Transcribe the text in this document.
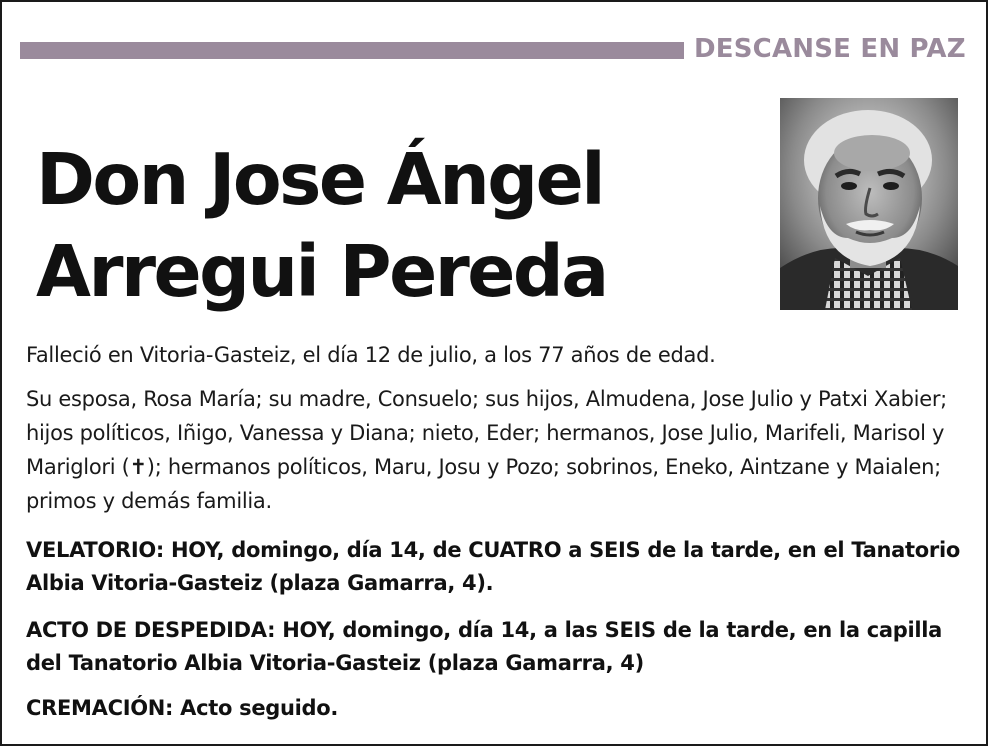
DESCANSE EN PAZ
Don Jose Ángel
Arregui Pereda
Falleció en Vitoria-Gasteiz, el día 12 de julio, a los 77 años de edad.
Su esposa, Rosa María; su madre, Consuelo; sus hijos, Almudena, Jose Julio y Patxi Xabier; hijos políticos, Iñigo, Vanessa y Diana; nieto, Eder; hermanos, Jose Julio, Marifeli, Marisol y Mariglori (✝); hermanos políticos, Maru, Josu y Pozo; sobrinos, Eneko, Aintzane y Maialen; primos y demás familia.
VELATORIO: HOY, domingo, día 14, de CUATRO a SEIS de la tarde, en el Tanatorio Albia Vitoria-Gasteiz (plaza Gamarra, 4).
ACTO DE DESPEDIDA: HOY, domingo, día 14, a las SEIS de la tarde, en la capilla del Tanatorio Albia Vitoria-Gasteiz (plaza Gamarra, 4)
CREMACIÓN: Acto seguido.
